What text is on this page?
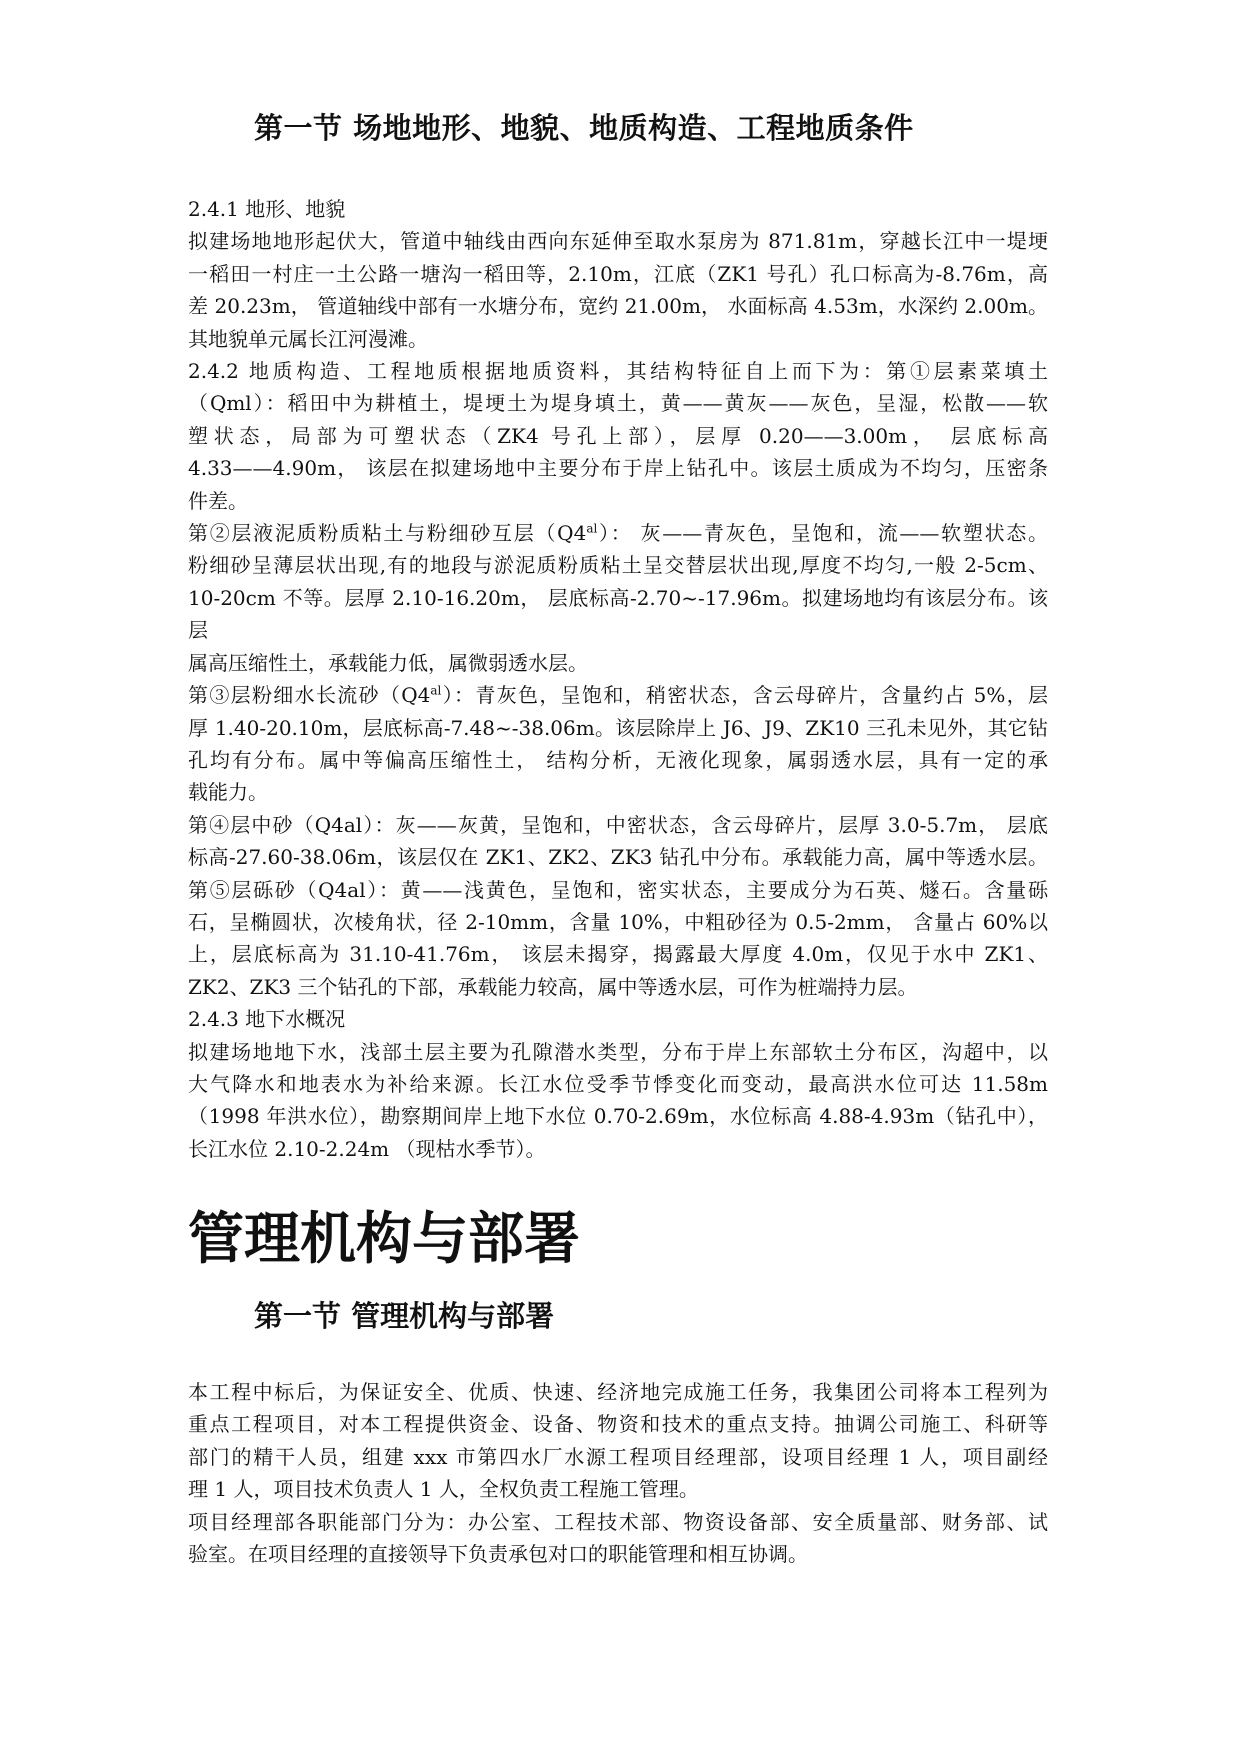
第一节 场地地形、地貌、地质构造、工程地质条件

2.4.1 地形、地貌

拟建场地地形起伏大，管道中轴线由西向东延伸至取水泵房为 871.81m，穿越长江中一堤埂

一稻田一村庄一土公路一塘沟一稻田等，2.10m，江底（ZK1 号孔）孔口标高为-8.76m，高

差 20.23m， 管道轴线中部有一水塘分布，宽约 21.00m， 水面标高 4.53m，水深约 2.00m。

其地貌单元属长江河漫滩。

2.4.2 地质构造、工程地质根据地质资料，其结构特征自上而下为：第①层素菜填土

（Qml）：稻田中为耕植土，堤埂土为堤身填土，黄——黄灰——灰色，呈湿，松散——软

塑状态，局部为可塑状态（ZK4 号孔上部），层厚 0.20——3.00m， 层底标高

4.33——4.90m， 该层在拟建场地中主要分布于岸上钻孔中。该层土质成为不均匀，压密条

件差。

第②层液泥质粉质粘土与粉细砂互层$(Q4^{al})$： 灰——青灰色，呈饱和，流——软塑状态。

粉细砂呈薄层状出现,有的地段与淤泥质粉质粘土呈交替层状出现,厚度不均匀,一般 2-5cm、

10-20cm 不等。层厚 2.10-16.20m， 层底标高-2.70~-17.96m。拟建场地均有该层分布。该层

属高压缩性土，承载能力低，属微弱透水层。

第③层粉细水长流砂$(Q4^{al})$：青灰色，呈饱和，稍密状态，含云母碎片，含量约占 5%，层

厚 1.40-20.10m，层底标高-7.48~-38.06m。该层除岸上 J6、J9、ZK10 三孔未见外，其它钻

孔均有分布。属中等偏高压缩性土， 结构分析，无液化现象，属弱透水层，具有一定的承

载能力。

第④层中砂（Q4al）：灰——灰黄，呈饱和，中密状态，含云母碎片，层厚 3.0-5.7m， 层底

标高-27.60-38.06m，该层仅在 ZK1、ZK2、ZK3 钻孔中分布。承载能力高，属中等透水层。

第⑤层砾砂（Q4al）：黄——浅黄色，呈饱和，密实状态，主要成分为石英、燧石。含量砾

石，呈椭圆状，次棱角状，径 2-10mm，含量 10%，中粗砂径为 0.5-2mm， 含量占 60%以

上，层底标高为 31.10-41.76m， 该层未揭穿，揭露最大厚度 4.0m，仅见于水中 ZK1、

ZK2、ZK3 三个钻孔的下部，承载能力较高，属中等透水层，可作为桩端持力层。

2.4.3 地下水概况

拟建场地地下水，浅部土层主要为孔隙潜水类型，分布于岸上东部软土分布区，沟超中，以

大气降水和地表水为补给来源。长江水位受季节悸变化而变动，最高洪水位可达 11.58m

（1998 年洪水位），勘察期间岸上地下水位 0.70-2.69m，水位标高 4.88-4.93m（钻孔中），

长江水位 2.10-2.24m （现枯水季节）。

管理机构与部署
第一节 管理机构与部署

本工程中标后，为保证安全、优质、快速、经济地完成施工任务，我集团公司将本工程列为

重点工程项目，对本工程提供资金、设备、物资和技术的重点支持。抽调公司施工、科研等

部门的精干人员，组建 xxx 市第四水厂水源工程项目经理部，设项目经理 1 人，项目副经

理 1 人，项目技术负责人 1 人，全权负责工程施工管理。

项目经理部各职能部门分为：办公室、工程技术部、物资设备部、安全质量部、财务部、试

验室。在项目经理的直接领导下负责承包对口的职能管理和相互协调。
